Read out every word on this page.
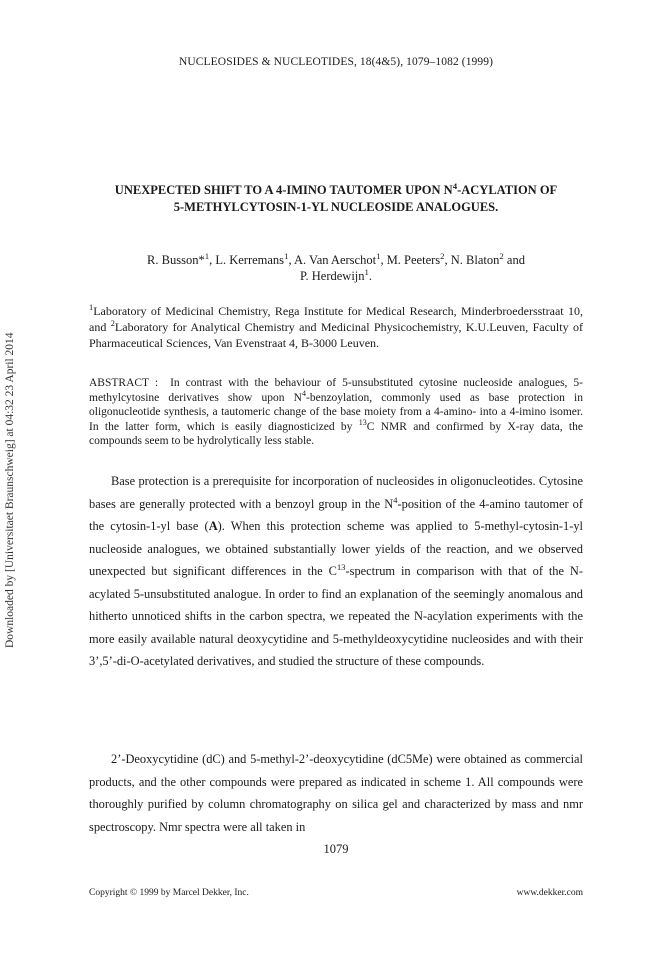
NUCLEOSIDES & NUCLEOTIDES, 18(4&5), 1079–1082 (1999)
UNEXPECTED SHIFT TO A 4-IMINO TAUTOMER UPON $N^4$-ACYLATION OF
5-METHYLCYTOSIN-1-YL NUCLEOSIDE ANALOGUES.
R. Busson*$^1$, L. Kerremans$^1$, A. Van Aerschot$^1$, M. Peeters$^2$, N. Blaton$^2$ and
P. Herdewijn$^1$.
$^1$Laboratory of Medicinal Chemistry, Rega Institute for Medical Research, Minderbroedersstraat 10, and $^2$Laboratory for Analytical Chemistry and Medicinal Physicochemistry, K.U.Leuven, Faculty of Pharmaceutical Sciences, Van Evenstraat 4, B-3000 Leuven.
ABSTRACT : In contrast with the behaviour of 5-unsubstituted cytosine nucleoside analogues, 5-methylcytosine derivatives show upon $N^4$-benzoylation, commonly used as base protection in oligonucleotide synthesis, a tautomeric change of the base moiety from a 4-amino- into a 4-imino isomer. In the latter form, which is easily diagnosticized by $^{13}$C NMR and confirmed by X-ray data, the compounds seem to be hydrolytically less stable.
Base protection is a prerequisite for incorporation of nucleosides in oligonucleotides. Cytosine bases are generally protected with a benzoyl group in the $N^4$-position of the 4-amino tautomer of the cytosin-1-yl base (A). When this protection scheme was applied to 5-methyl-cytosin-1-yl nucleoside analogues, we obtained substantially lower yields of the reaction, and we observed unexpected but significant differences in the $C^{13}$-spectrum in comparison with that of the N-acylated 5-unsubstituted analogue. In order to find an explanation of the seemingly anomalous and hitherto unnoticed shifts in the carbon spectra, we repeated the N-acylation experiments with the more easily available natural deoxycytidine and 5-methyldeoxycytidine nucleosides and with their 3’,5’-di-O-acetylated derivatives, and studied the structure of these compounds.
2’-Deoxycytidine (dC) and 5-methyl-2’-deoxycytidine (dC5Me) were obtained as commercial products, and the other compounds were prepared as indicated in scheme 1. All compounds were thoroughly purified by column chromatography on silica gel and characterized by mass and nmr spectroscopy. Nmr spectra were all taken in
1079
Copyright © 1999 by Marcel Dekker, Inc.	www.dekker.com
Downloaded by [Universitaet Braunschweig] at 04:32 23 April 2014
